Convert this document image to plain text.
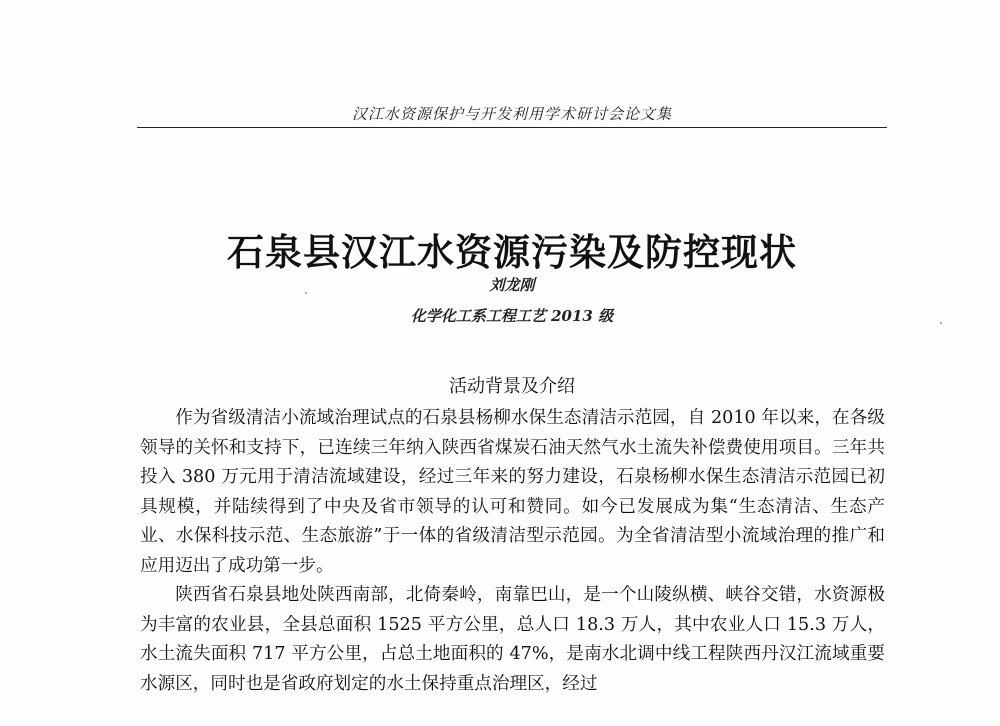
汉江水资源保护与开发利用学术研讨会论文集
石泉县汉江水资源污染及防控现状
刘龙刚
化学化工系工程工艺 2013 级
活动背景及介绍

作为省级清洁小流域治理试点的石泉县杨柳水保生态清洁示范园，自 2010 年以来，在各级领导的关怀和支持下，已连续三年纳入陕西省煤炭石油天然气水土流失补偿费使用项目。三年共投入 380 万元用于清洁流域建设，经过三年来的努力建设，石泉杨柳水保生态清洁示范园已初具规模，并陆续得到了中央及省市领导的认可和赞同。如今已发展成为集“生态清洁、生态产业、水保科技示范、生态旅游”于一体的省级清洁型示范园。为全省清洁型小流域治理的推广和应用迈出了成功第一步。

陕西省石泉县地处陕西南部，北倚秦岭，南靠巴山，是一个山陵纵横、峡谷交错，水资源极为丰富的农业县，全县总面积 1525 平方公里，总人口 18.3 万人，其中农业人口 15.3 万人，水土流失面积 717 平方公里，占总土地面积的 47%，是南水北调中线工程陕西丹汉江流域重要水源区，同时也是省政府划定的水土保持重点治理区，经过
